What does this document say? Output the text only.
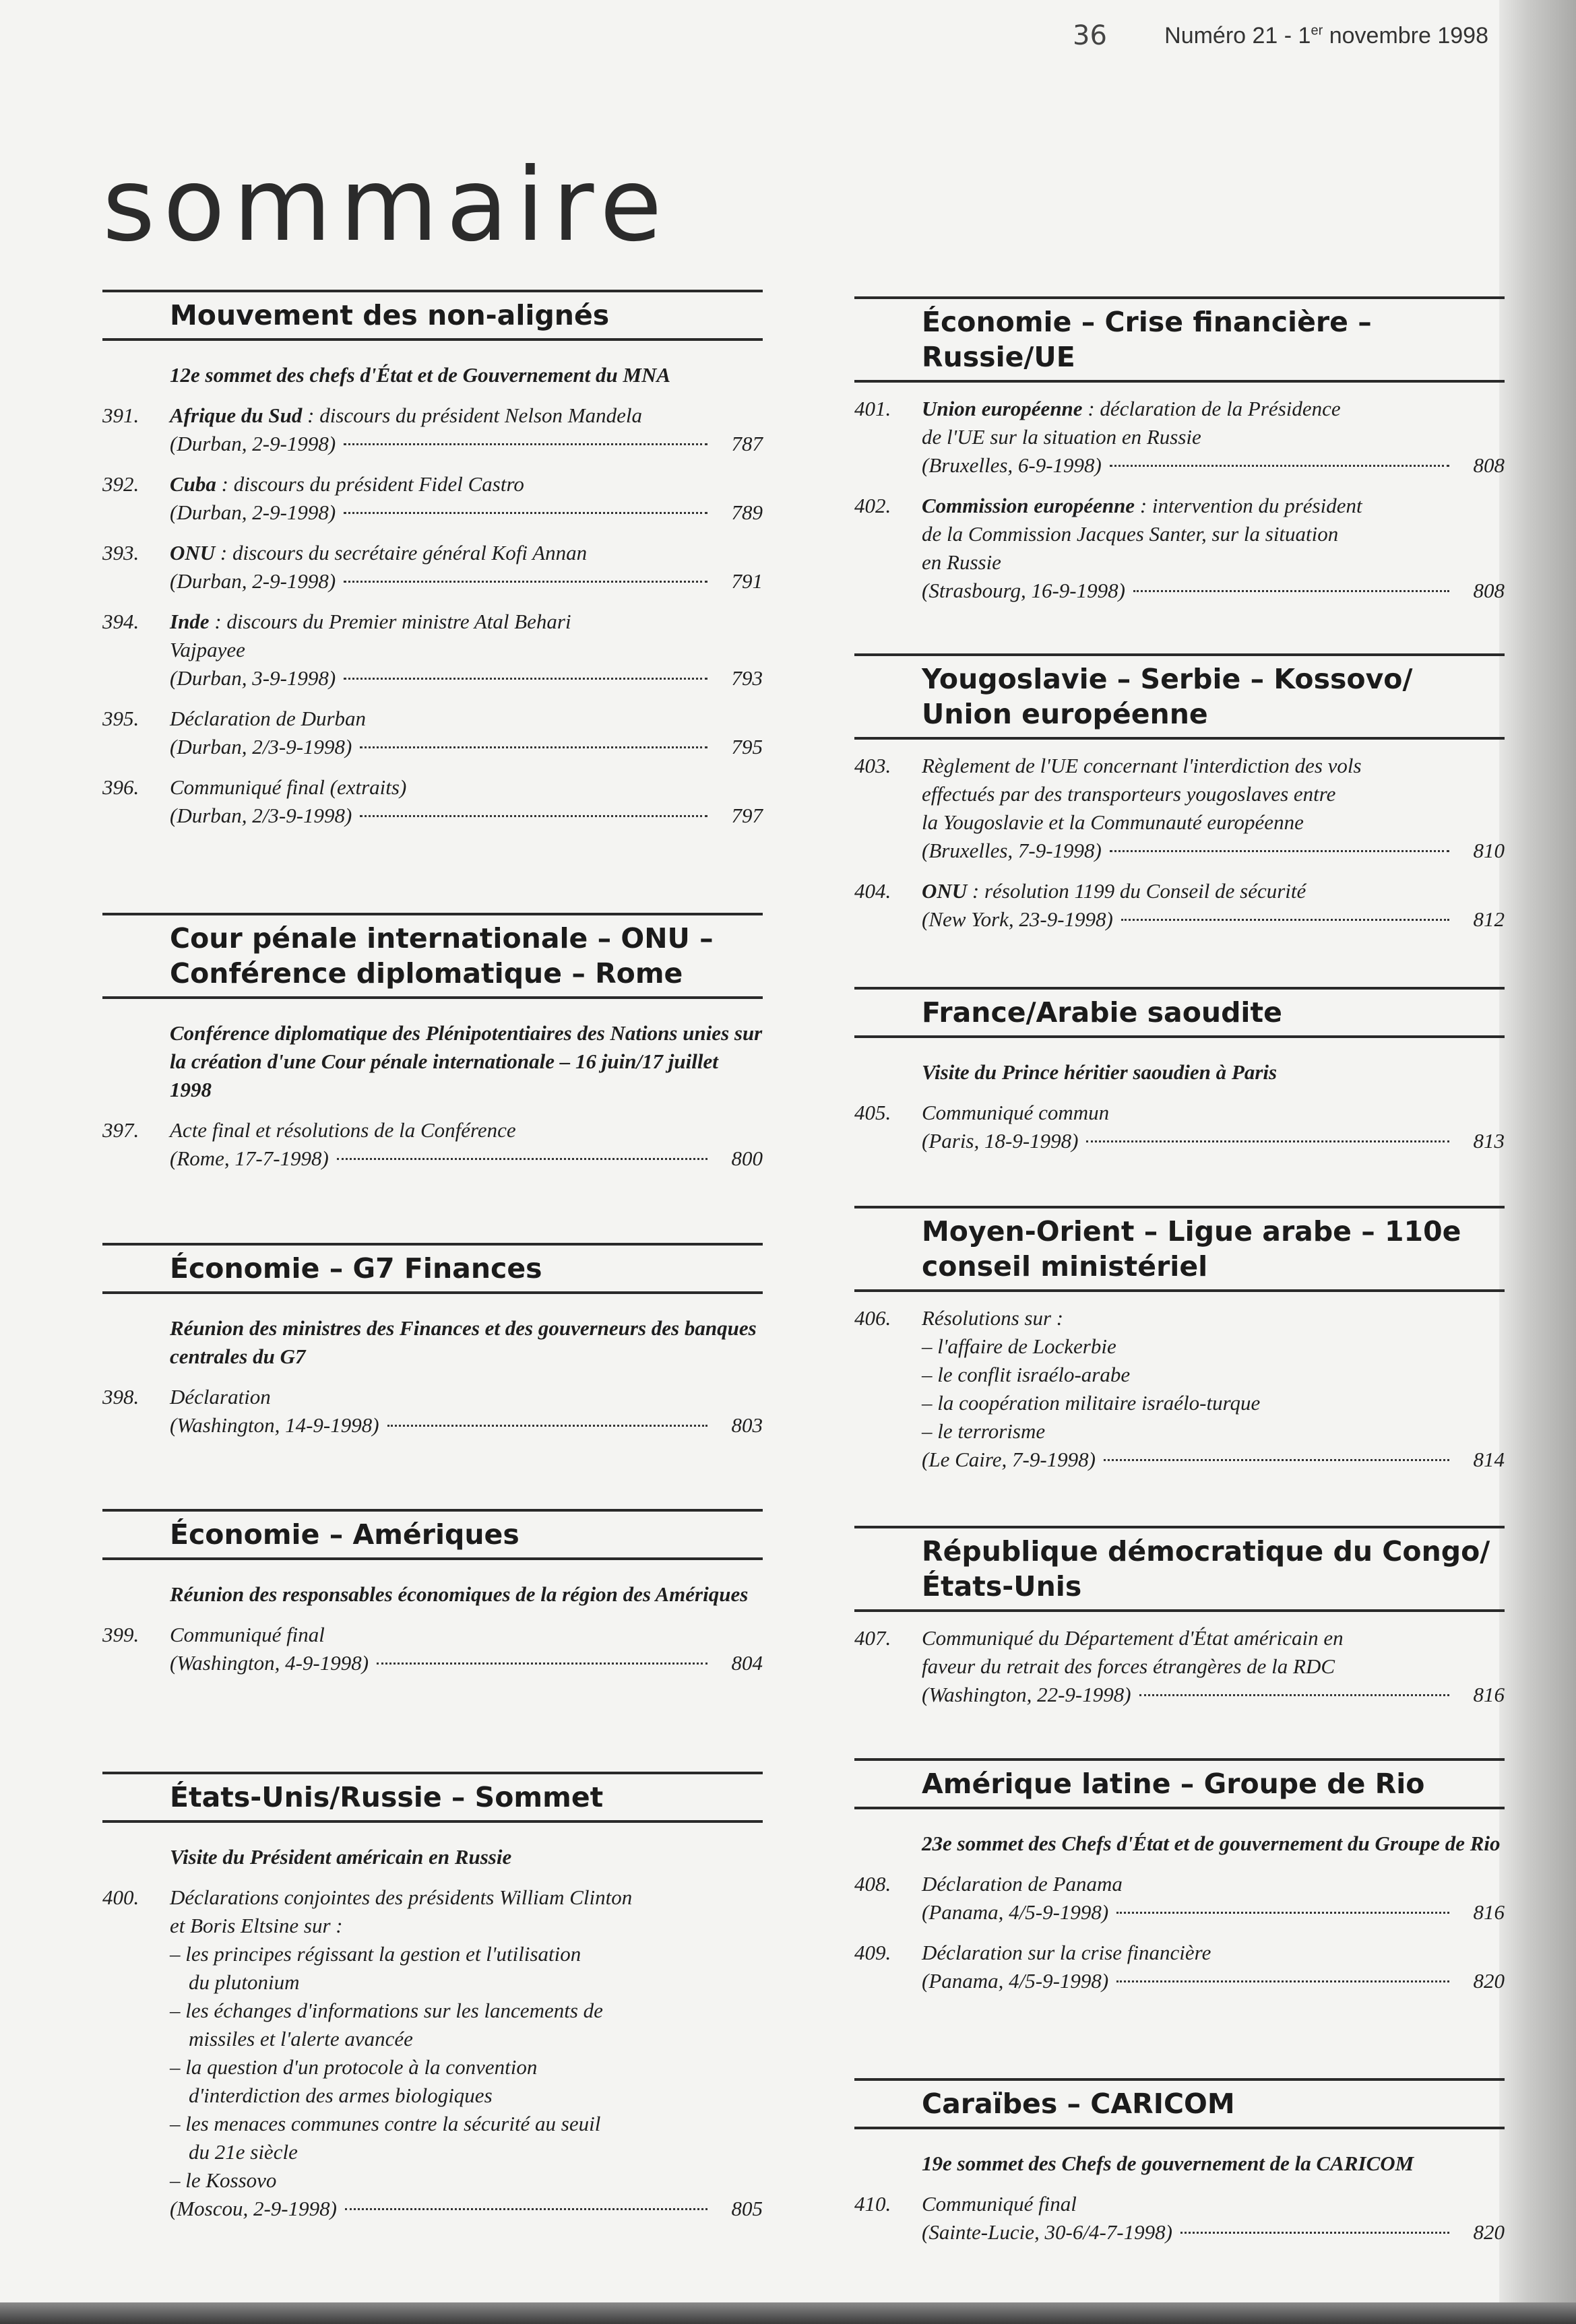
36	Numéro 21 - 1er novembre 1998
sommaire
Mouvement des non-alignés
12e sommet des chefs d'État et de Gouvernement du MNA
391. Afrique du Sud : discours du président Nelson Mandela
(Durban, 2-9-1998)	787
392. Cuba : discours du président Fidel Castro
(Durban, 2-9-1998)	789
393. ONU : discours du secrétaire général Kofi Annan
(Durban, 2-9-1998)	791
394. Inde : discours du Premier ministre Atal Behari
Vajpayee
(Durban, 3-9-1998)	793
395. Déclaration de Durban
(Durban, 2/3-9-1998)	795
396. Communiqué final (extraits)
(Durban, 2/3-9-1998)	797
Cour pénale internationale – ONU – Conférence diplomatique – Rome
Conférence diplomatique des Plénipotentiaires des Nations unies sur la création d'une Cour pénale internationale – 16 juin/17 juillet 1998
397. Acte final et résolutions de la Conférence
(Rome, 17-7-1998)	800
Économie – G7 Finances
Réunion des ministres des Finances et des gouverneurs des banques centrales du G7
398. Déclaration
(Washington, 14-9-1998)	803
Économie – Amériques
Réunion des responsables économiques de la région des Amériques
399. Communiqué final
(Washington, 4-9-1998)	804
États-Unis/Russie – Sommet
Visite du Président américain en Russie
400. Déclarations conjointes des présidents William Clinton
et Boris Eltsine sur :
– les principes régissant la gestion et l'utilisation
du plutonium
– les échanges d'informations sur les lancements de
missiles et l'alerte avancée
– la question d'un protocole à la convention
d'interdiction des armes biologiques
– les menaces communes contre la sécurité au seuil
du 21e siècle
– le Kossovo
(Moscou, 2-9-1998)	805
Économie – Crise financière – Russie/UE
401. Union européenne : déclaration de la Présidence
de l'UE sur la situation en Russie
(Bruxelles, 6-9-1998)	808
402. Commission européenne : intervention du président
de la Commission Jacques Santer, sur la situation
en Russie
(Strasbourg, 16-9-1998)	808
Yougoslavie – Serbie – Kossovo/ Union européenne
403. Règlement de l'UE concernant l'interdiction des vols
effectués par des transporteurs yougoslaves entre
la Yougoslavie et la Communauté européenne
(Bruxelles, 7-9-1998)	810
404. ONU : résolution 1199 du Conseil de sécurité
(New York, 23-9-1998)	812
France/Arabie saoudite
Visite du Prince héritier saoudien à Paris
405. Communiqué commun
(Paris, 18-9-1998)	813
Moyen-Orient – Ligue arabe – 110e conseil ministériel
406. Résolutions sur :
– l'affaire de Lockerbie
– le conflit israélo-arabe
– la coopération militaire israélo-turque
– le terrorisme
(Le Caire, 7-9-1998)	814
République démocratique du Congo/États-Unis
407. Communiqué du Département d'État américain en
faveur du retrait des forces étrangères de la RDC
(Washington, 22-9-1998)	816
Amérique latine – Groupe de Rio
23e sommet des Chefs d'État et de gouvernement du Groupe de Rio
408. Déclaration de Panama
(Panama, 4/5-9-1998)	816
409. Déclaration sur la crise financière
(Panama, 4/5-9-1998)	820
Caraïbes – CARICOM
19e sommet des Chefs de gouvernement de la CARICOM
410. Communiqué final
(Sainte-Lucie, 30-6/4-7-1998)	820
